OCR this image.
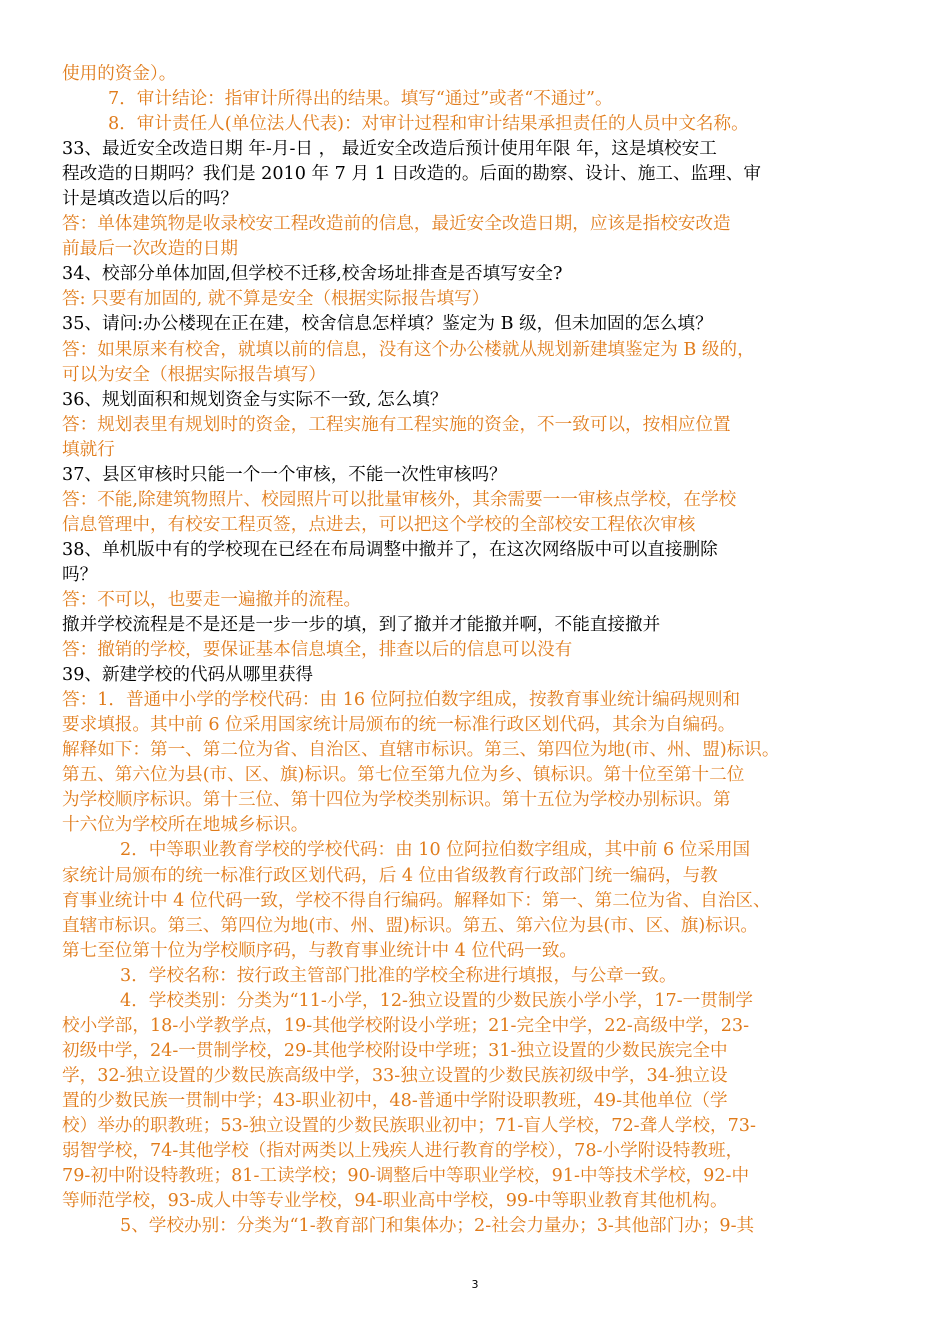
使用的资金）。
7．审计结论：指审计所得出的结果。填写“通过”或者“不通过”。
8．审计责任人(单位法人代表)：对审计过程和审计结果承担责任的人员中文名称。
33、最近安全改造日期 年-月-日 ， 最近安全改造后预计使用年限 年，这是填校安工
程改造的日期吗？我们是 2010 年 7 月 1 日改造的。后面的勘察、设计、施工、监理、审
计是填改造以后的吗？
答：单体建筑物是收录校安工程改造前的信息，最近安全改造日期，应该是指校安改造
前最后一次改造的日期
34、校部分单体加固,但学校不迁移,校舍场址排查是否填写安全?
答: 只要有加固的, 就不算是安全（根据实际报告填写）
35、请问:办公楼现在正在建，校舍信息怎样填？鉴定为 B 级，但未加固的怎么填？
答：如果原来有校舍，就填以前的信息，没有这个办公楼就从规划新建填鉴定为 B 级的，
可以为安全（根据实际报告填写）
36、规划面积和规划资金与实际不一致, 怎么填？
答：规划表里有规划时的资金，工程实施有工程实施的资金，不一致可以，按相应位置
填就行
37、县区审核时只能一个一个审核，不能一次性审核吗？
答：不能,除建筑物照片、校园照片可以批量审核外，其余需要一一审核点学校，在学校
信息管理中，有校安工程页签，点进去，可以把这个学校的全部校安工程依次审核
38、单机版中有的学校现在已经在布局调整中撤并了，在这次网络版中可以直接删除
吗？
答：不可以，也要走一遍撤并的流程。
撤并学校流程是不是还是一步一步的填，到了撤并才能撤并啊，不能直接撤并
答：撤销的学校，要保证基本信息填全，排查以后的信息可以没有
39、新建学校的代码从哪里获得
答：1．普通中小学的学校代码：由 16 位阿拉伯数字组成，按教育事业统计编码规则和
要求填报。其中前 6 位采用国家统计局颁布的统一标准行政区划代码，其余为自编码。
解释如下：第一、第二位为省、自治区、直辖市标识。第三、第四位为地(市、州、盟)标识。
第五、第六位为县(市、区、旗)标识。第七位至第九位为乡、镇标识。第十位至第十二位
为学校顺序标识。第十三位、第十四位为学校类别标识。第十五位为学校办别标识。第
十六位为学校所在地城乡标识。
2．中等职业教育学校的学校代码：由 10 位阿拉伯数字组成，其中前 6 位采用国
家统计局颁布的统一标准行政区划代码，后 4 位由省级教育行政部门统一编码，与教
育事业统计中 4 位代码一致，学校不得自行编码。解释如下：第一、第二位为省、自治区、
直辖市标识。第三、第四位为地(市、州、盟)标识。第五、第六位为县(市、区、旗)标识。
第七至位第十位为学校顺序码，与教育事业统计中 4 位代码一致。
3．学校名称：按行政主管部门批准的学校全称进行填报，与公章一致。
4．学校类别：分类为“11-小学，12-独立设置的少数民族小学小学，17-一贯制学
校小学部，18-小学教学点，19-其他学校附设小学班；21-完全中学，22-高级中学，23-
初级中学，24-一贯制学校，29-其他学校附设中学班；31-独立设置的少数民族完全中
学，32-独立设置的少数民族高级中学，33-独立设置的少数民族初级中学，34-独立设
置的少数民族一贯制中学；43-职业初中，48-普通中学附设职教班，49-其他单位（学
校）举办的职教班；53-独立设置的少数民族职业初中；71-盲人学校，72-聋人学校，73-
弱智学校，74-其他学校（指对两类以上残疾人进行教育的学校），78-小学附设特教班，
79-初中附设特教班；81-工读学校；90-调整后中等职业学校，91-中等技术学校，92-中
等师范学校，93-成人中等专业学校，94-职业高中学校，99-中等职业教育其他机构。
5、学校办别：分类为“1-教育部门和集体办；2-社会力量办；3-其他部门办；9-其
3
